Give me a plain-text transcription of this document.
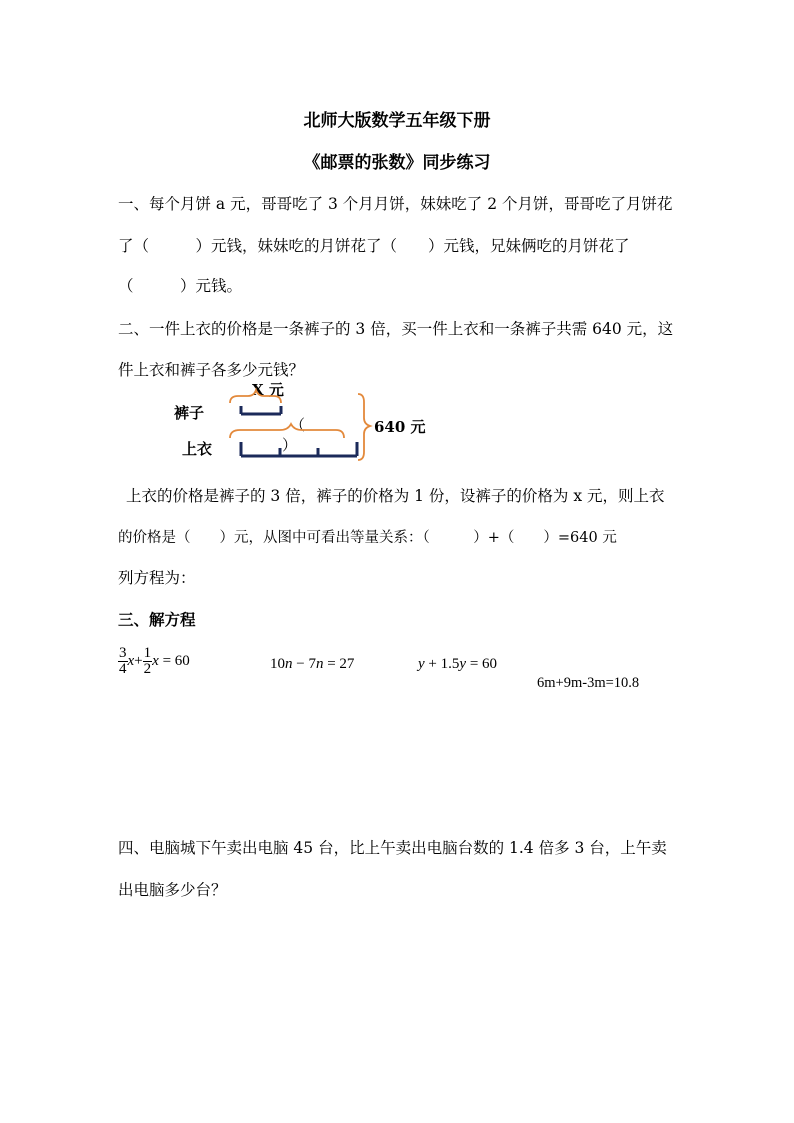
北师大版数学五年级下册
《邮票的张数》同步练习
一、每个月饼 a 元，哥哥吃了 3 个月月饼，妹妹吃了 2 个月饼，哥哥吃了月饼花
了（　　　）元钱，妹妹吃的月饼花了（　　）元钱，兄妹俩吃的月饼花了
（　　　）元钱。
二、一件上衣的价格是一条裤子的 3 倍，买一件上衣和一条裤子共需 640 元，这
件上衣和裤子各多少元钱？
裤子
上衣
X 元
（
）
640 元
上衣的价格是裤子的 3 倍，裤子的价格为 1 份，设裤子的价格为 x 元，则上衣
的价格是（　　）元，从图中可看出等量关系：（　　　）+（　　）=640 元
列方程为：
三、解方程
$\frac{3}{4} x+ \frac{1}{2}$ x = 60	10n − 7n = 27	y + 1.5y = 60
6m+9m-3m=10.8
四、电脑城下午卖出电脑 45 台，比上午卖出电脑台数的 1.4 倍多 3 台，上午卖
出电脑多少台？
